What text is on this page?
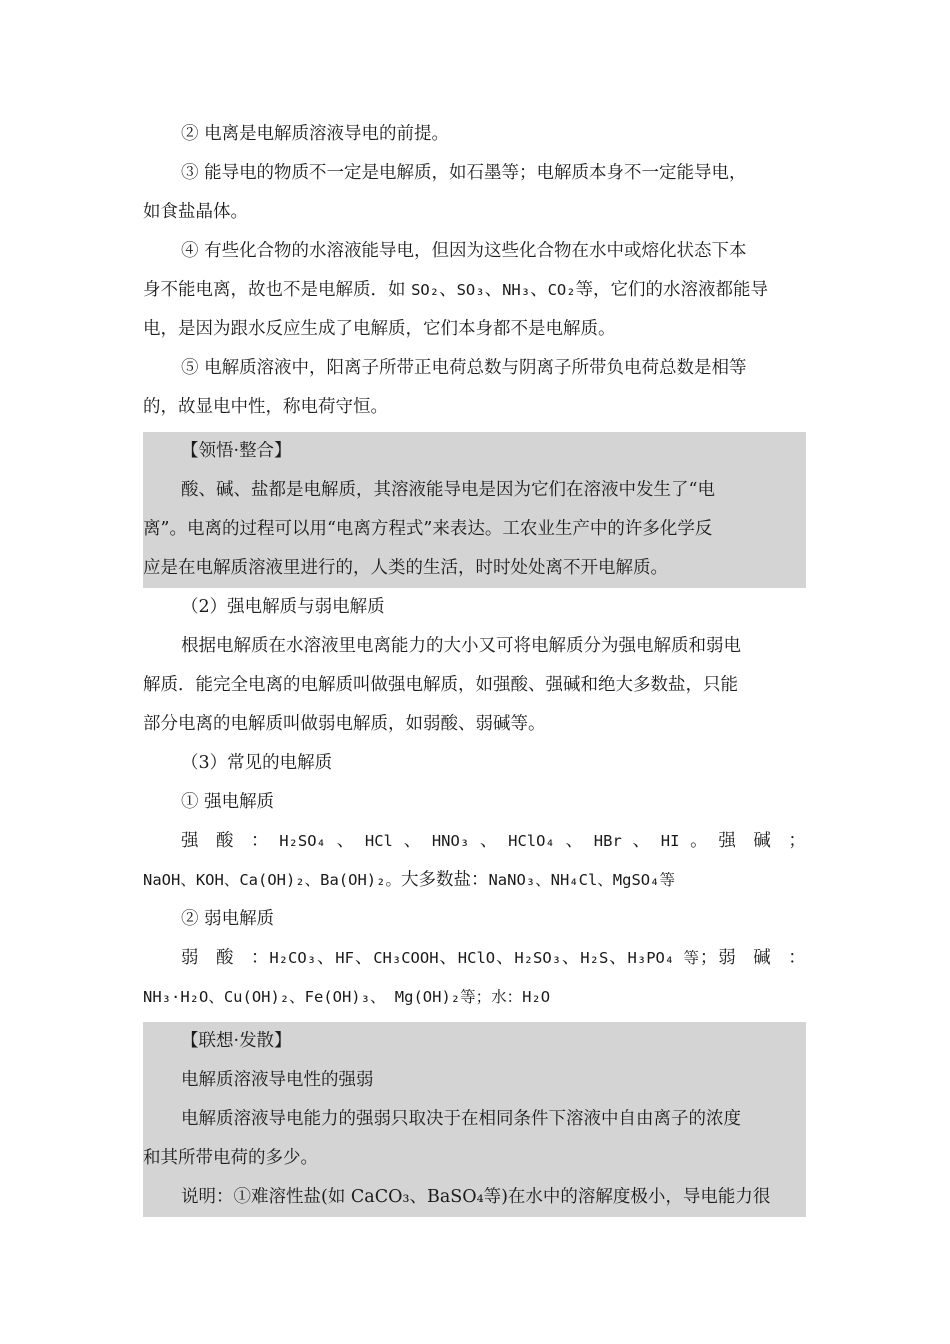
② 电离是电解质溶液导电的前提。
③ 能导电的物质不一定是电解质，如石墨等；电解质本身不一定能导电，
如食盐晶体。
④ 有些化合物的水溶液能导电，但因为这些化合物在水中或熔化状态下本
身不能电离，故也不是电解质．如 SO₂、SO₃、NH₃、CO₂等，它们的水溶液都能导
电，是因为跟水反应生成了电解质，它们本身都不是电解质。
⑤ 电解质溶液中，阳离子所带正电荷总数与阴离子所带负电荷总数是相等
的，故显电中性，称电荷守恒。
【领悟·整合】
酸、碱、盐都是电解质，其溶液能导电是因为它们在溶液中发生了“电
离”。电离的过程可以用“电离方程式”来表达。工农业生产中的许多化学反
应是在电解质溶液里进行的，人类的生活，时时处处离不开电解质。
（2）强电解质与弱电解质
根据电解质在水溶液里电离能力的大小又可将电解质分为强电解质和弱电
解质．能完全电离的电解质叫做强电解质，如强酸、强碱和绝大多数盐，只能
部分电离的电解质叫做弱电解质，如弱酸、弱碱等。
（3）常见的电解质
① 强电解质
强　酸　： H₂SO₄ 、 HCl 、 HNO₃ 、 HClO₄ 、 HBr 、 HI 。 强　碱　；
NaOH、KOH、Ca(OH)₂、Ba(OH)₂。大多数盐：NaNO₃、NH₄Cl、MgSO₄等
② 弱电解质
弱　酸　： H₂CO₃ 、 HF 、 CH₃COOH 、 HClO 、 H₂SO₃ 、 H₂S 、 H₃PO₄ 等 ； 弱　碱　：
NH₃·H₂O、Cu(OH)₂、Fe(OH)₃、 Mg(OH)₂等；水：H₂O
【联想·发散】
电解质溶液导电性的强弱
电解质溶液导电能力的强弱只取决于在相同条件下溶液中自由离子的浓度
和其所带电荷的多少。
说明：①难溶性盐(如 CaCO₃、BaSO₄等)在水中的溶解度极小，导电能力很
